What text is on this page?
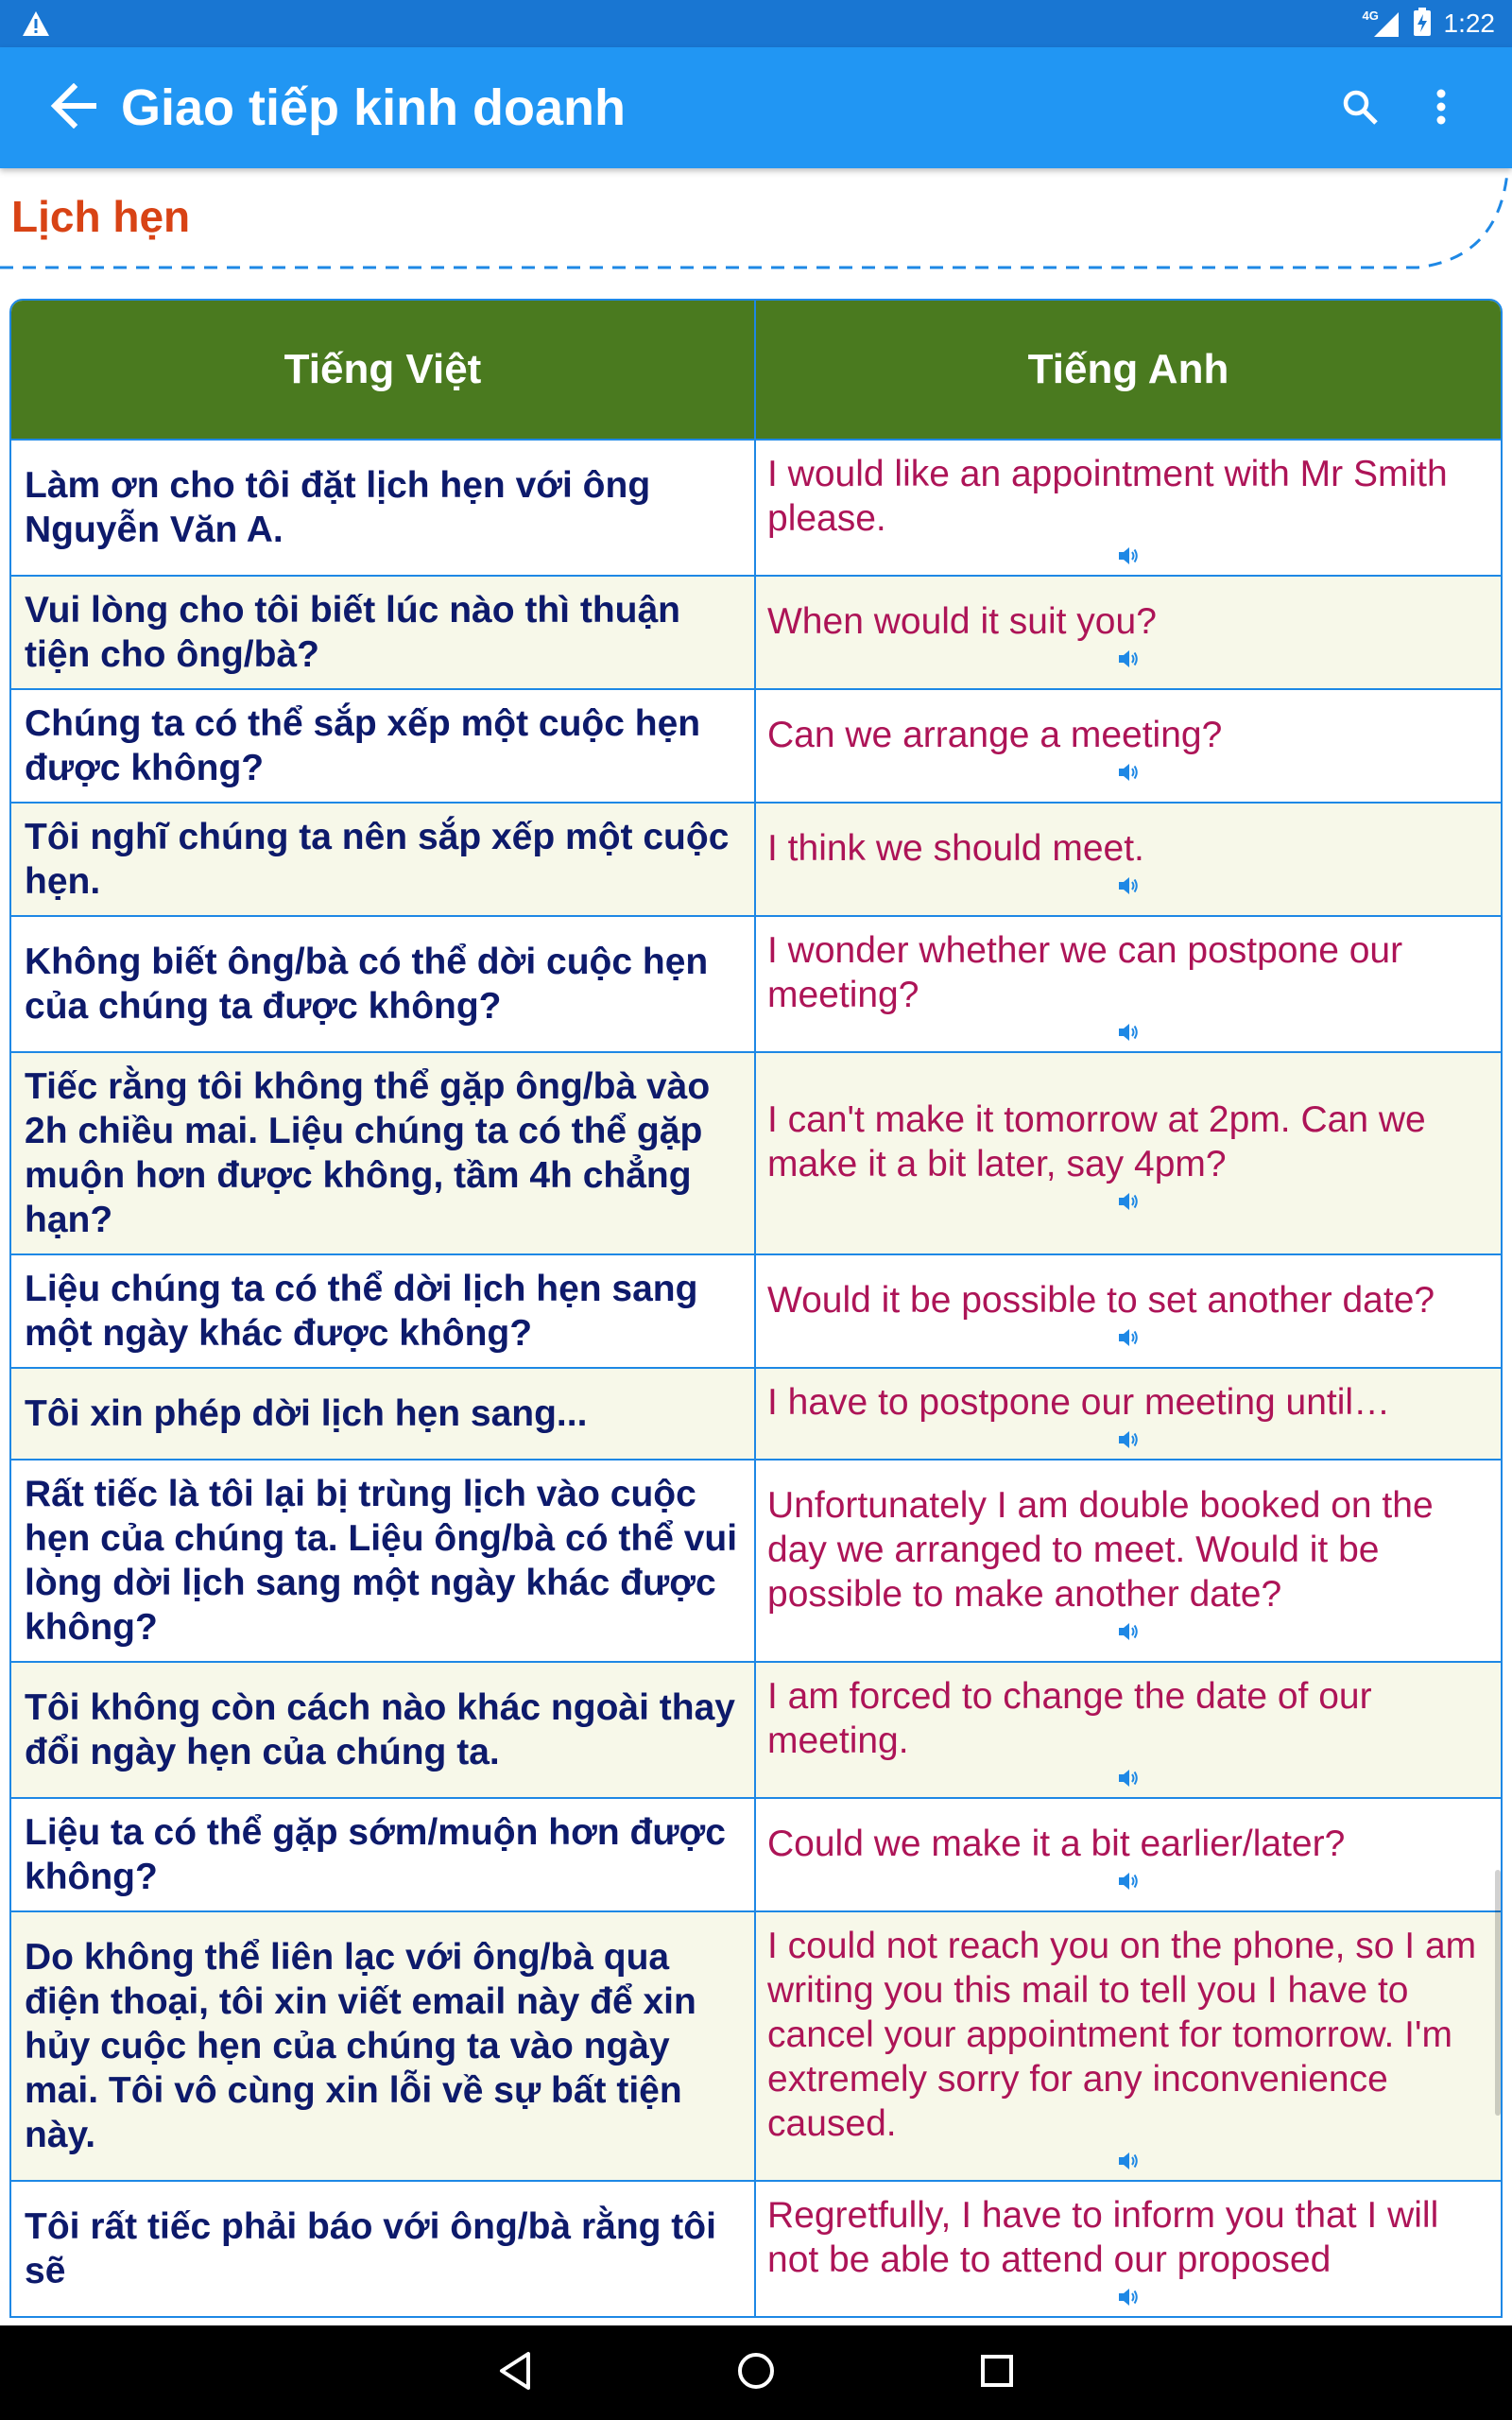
4G 1:22
Giao tiếp kinh doanh
Lịch hẹn
Tiếng Việt	Tiếng Anh
Làm ơn cho tôi đặt lịch hẹn với ông Nguyễn Văn A.
I would like an appointment with Mr Smith please.
Vui lòng cho tôi biết lúc nào thì thuận tiện cho ông/bà?
When would it suit you?
Chúng ta có thể sắp xếp một cuộc hẹn được không?
Can we arrange a meeting?
Tôi nghĩ chúng ta nên sắp xếp một cuộc hẹn.
I think we should meet.
Không biết ông/bà có thể dời cuộc hẹn của chúng ta được không?
I wonder whether we can postpone our meeting?
Tiếc rằng tôi không thể gặp ông/bà vào 2h chiều mai. Liệu chúng ta có thể gặp muộn hơn được không, tầm 4h chẳng hạn?
I can't make it tomorrow at 2pm. Can we make it a bit later, say 4pm?
Liệu chúng ta có thể dời lịch hẹn sang một ngày khác được không?
Would it be possible to set another date?
Tôi xin phép dời lịch hẹn sang...	I have to postpone our meeting until…
Rất tiếc là tôi lại bị trùng lịch vào cuộc hẹn của chúng ta. Liệu ông/bà có thể vui lòng dời lịch sang một ngày khác được không?
Unfortunately I am double booked on the day we arranged to meet. Would it be possible to make another date?
Tôi không còn cách nào khác ngoài thay đổi ngày hẹn của chúng ta.
I am forced to change the date of our meeting.
Liệu ta có thể gặp sớm/muộn hơn được không?
Could we make it a bit earlier/later?
Do không thể liên lạc với ông/bà qua điện thoại, tôi xin viết email này để xin hủy cuộc hẹn của chúng ta vào ngày mai. Tôi vô cùng xin lỗi về sự bất tiện này.
I could not reach you on the phone, so I am writing you this mail to tell you I have to cancel your appointment for tomorrow. I'm extremely sorry for any inconvenience caused.
Tôi rất tiếc phải báo với ông/bà rằng tôi sẽ
Regretfully, I have to inform you that I will not be able to attend our proposed
